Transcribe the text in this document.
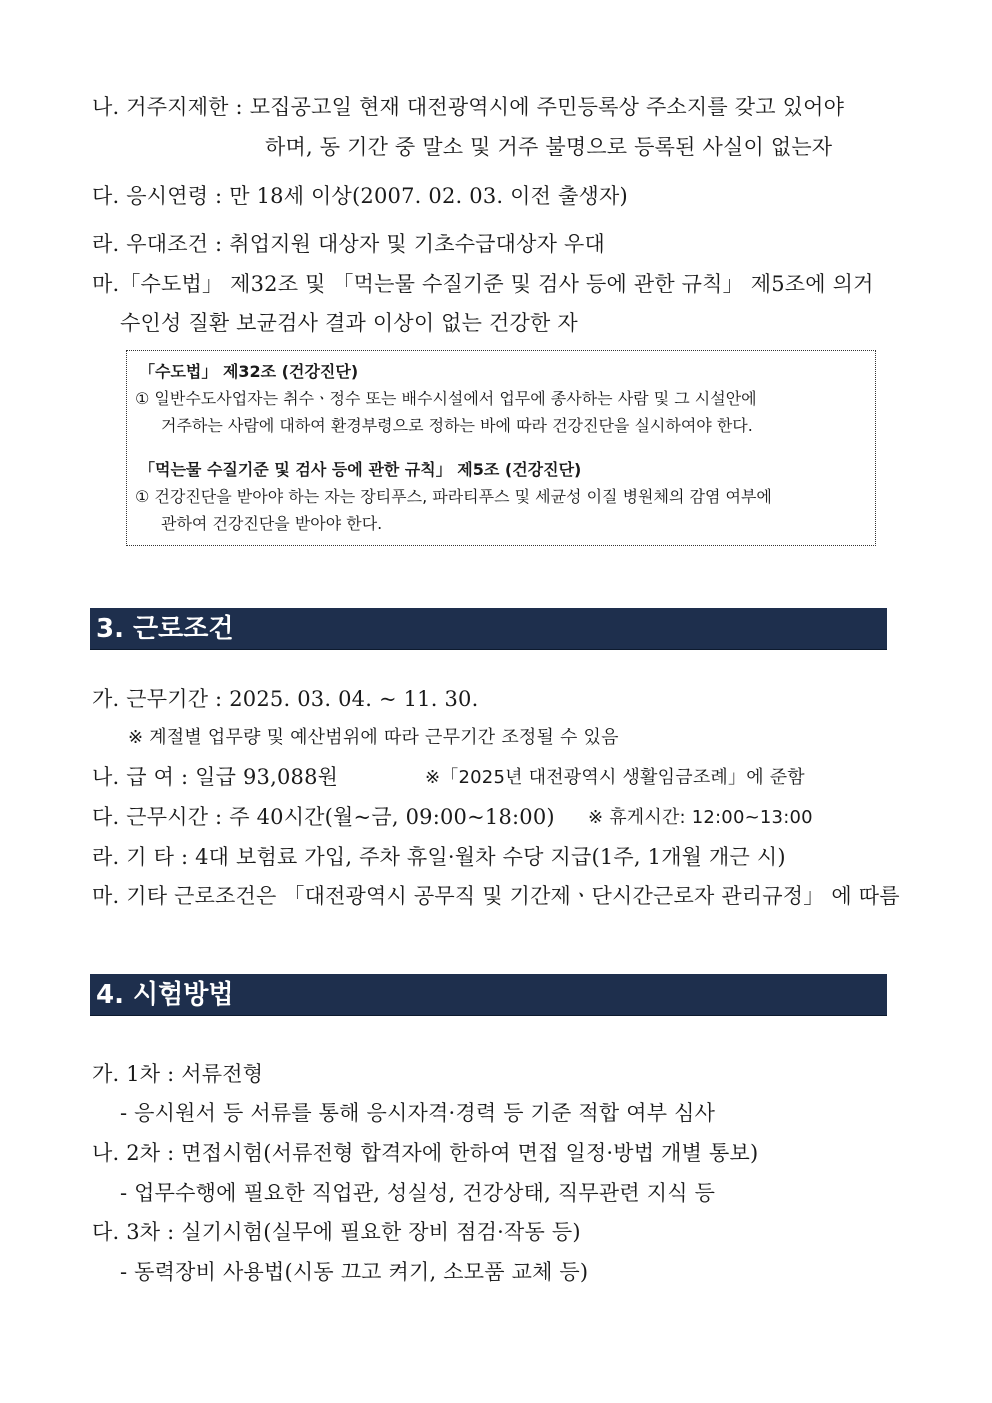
나. 거주지제한 : 모집공고일 현재 대전광역시에 주민등록상 주소지를 갖고 있어야
하며, 동 기간 중 말소 및 거주 불명으로 등록된 사실이 없는자
다. 응시연령 : 만 18세 이상(2007. 02. 03. 이전 출생자)
라. 우대조건 : 취업지원 대상자 및 기초수급대상자 우대
마.「수도법」 제32조 및 「먹는물 수질기준 및 검사 등에 관한 규칙」 제5조에 의거
수인성 질환 보균검사 결과 이상이 없는 건강한 자
「수도법」 제32조 (건강진단)
① 일반수도사업자는 취수ㆍ정수 또는 배수시설에서 업무에 종사하는 사람 및 그 시설안에
거주하는 사람에 대하여 환경부령으로 정하는 바에 따라 건강진단을 실시하여야 한다.
「먹는물 수질기준 및 검사 등에 관한 규칙」 제5조 (건강진단)
① 건강진단을 받아야 하는 자는 장티푸스, 파라티푸스 및 세균성 이질 병원체의 감염 여부에
관하여 건강진단을 받아야 한다.
3. 근로조건
가. 근무기간 : 2025. 03. 04. ~ 11. 30.
※ 계절별 업무량 및 예산범위에 따라 근무기간 조정될 수 있음
나. 급 여 : 일급 93,088원	※「2025년 대전광역시 생활임금조례」에 준함
다. 근무시간 : 주 40시간(월~금, 09:00~18:00) ※ 휴게시간: 12:00~13:00
라. 기 타 : 4대 보험료 가입, 주차 휴일·월차 수당 지급(1주, 1개월 개근 시)
마. 기타 근로조건은 「대전광역시 공무직 및 기간제ㆍ단시간근로자 관리규정」 에 따름
4. 시험방법
가. 1차 : 서류전형
- 응시원서 등 서류를 통해 응시자격·경력 등 기준 적합 여부 심사
나. 2차 : 면접시험(서류전형 합격자에 한하여 면접 일정·방법 개별 통보)
- 업무수행에 필요한 직업관, 성실성, 건강상태, 직무관련 지식 등
다. 3차 : 실기시험(실무에 필요한 장비 점검·작동 등)
- 동력장비 사용법(시동 끄고 켜기, 소모품 교체 등)
